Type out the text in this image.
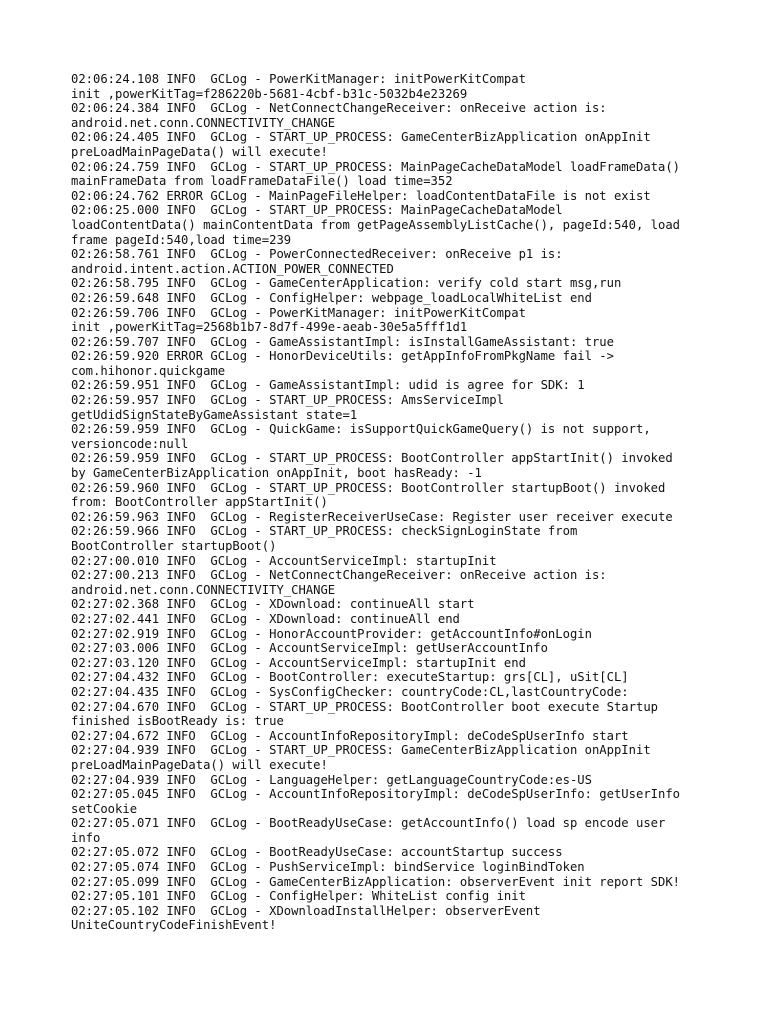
02:06:24.108 INFO  GCLog - PowerKitManager: initPowerKitCompat

init ,powerKitTag=f286220b-5681-4cbf-b31c-5032b4e23269

02:06:24.384 INFO  GCLog - NetConnectChangeReceiver: onReceive action is:

android.net.conn.CONNECTIVITY_CHANGE

02:06:24.405 INFO  GCLog - START_UP_PROCESS: GameCenterBizApplication onAppInit

preLoadMainPageData() will execute!

02:06:24.759 INFO  GCLog - START_UP_PROCESS: MainPageCacheDataModel loadFrameData()

mainFrameData from loadFrameDataFile() load time=352

02:06:24.762 ERROR GCLog - MainPageFileHelper: loadContentDataFile is not exist

02:06:25.000 INFO  GCLog - START_UP_PROCESS: MainPageCacheDataModel

loadContentData() mainContentData from getPageAssemblyListCache(), pageId:540, load

frame pageId:540,load time=239

02:26:58.761 INFO  GCLog - PowerConnectedReceiver: onReceive p1 is:

android.intent.action.ACTION_POWER_CONNECTED

02:26:58.795 INFO  GCLog - GameCenterApplication: verify cold start msg,run

02:26:59.648 INFO  GCLog - ConfigHelper: webpage_loadLocalWhiteList end

02:26:59.706 INFO  GCLog - PowerKitManager: initPowerKitCompat

init ,powerKitTag=2568b1b7-8d7f-499e-aeab-30e5a5fff1d1

02:26:59.707 INFO  GCLog - GameAssistantImpl: isInstallGameAssistant: true

02:26:59.920 ERROR GCLog - HonorDeviceUtils: getAppInfoFromPkgName fail ->

com.hihonor.quickgame

02:26:59.951 INFO  GCLog - GameAssistantImpl: udid is agree for SDK: 1

02:26:59.957 INFO  GCLog - START_UP_PROCESS: AmsServiceImpl

getUdidSignStateByGameAssistant state=1

02:26:59.959 INFO  GCLog - QuickGame: isSupportQuickGameQuery() is not support,

versioncode:null

02:26:59.959 INFO  GCLog - START_UP_PROCESS: BootController appStartInit() invoked

by GameCenterBizApplication onAppInit, boot hasReady: -1

02:26:59.960 INFO  GCLog - START_UP_PROCESS: BootController startupBoot() invoked

from: BootController appStartInit()

02:26:59.963 INFO  GCLog - RegisterReceiverUseCase: Register user receiver execute

02:26:59.966 INFO  GCLog - START_UP_PROCESS: checkSignLoginState from

BootController startupBoot()

02:27:00.010 INFO  GCLog - AccountServiceImpl: startupInit

02:27:00.213 INFO  GCLog - NetConnectChangeReceiver: onReceive action is:

android.net.conn.CONNECTIVITY_CHANGE

02:27:02.368 INFO  GCLog - XDownload: continueAll start

02:27:02.441 INFO  GCLog - XDownload: continueAll end

02:27:02.919 INFO  GCLog - HonorAccountProvider: getAccountInfo#onLogin

02:27:03.006 INFO  GCLog - AccountServiceImpl: getUserAccountInfo

02:27:03.120 INFO  GCLog - AccountServiceImpl: startupInit end

02:27:04.432 INFO  GCLog - BootController: executeStartup: grs[CL], uSit[CL]

02:27:04.435 INFO  GCLog - SysConfigChecker: countryCode:CL,lastCountryCode:

02:27:04.670 INFO  GCLog - START_UP_PROCESS: BootController boot execute Startup

finished isBootReady is: true

02:27:04.672 INFO  GCLog - AccountInfoRepositoryImpl: deCodeSpUserInfo start

02:27:04.939 INFO  GCLog - START_UP_PROCESS: GameCenterBizApplication onAppInit

preLoadMainPageData() will execute!

02:27:04.939 INFO  GCLog - LanguageHelper: getLanguageCountryCode:es-US

02:27:05.045 INFO  GCLog - AccountInfoRepositoryImpl: deCodeSpUserInfo: getUserInfo

setCookie

02:27:05.071 INFO  GCLog - BootReadyUseCase: getAccountInfo() load sp encode user

info

02:27:05.072 INFO  GCLog - BootReadyUseCase: accountStartup success

02:27:05.074 INFO  GCLog - PushServiceImpl: bindService loginBindToken

02:27:05.099 INFO  GCLog - GameCenterBizApplication: observerEvent init report SDK!

02:27:05.101 INFO  GCLog - ConfigHelper: WhiteList config init

02:27:05.102 INFO  GCLog - XDownloadInstallHelper: observerEvent

UniteCountryCodeFinishEvent!
